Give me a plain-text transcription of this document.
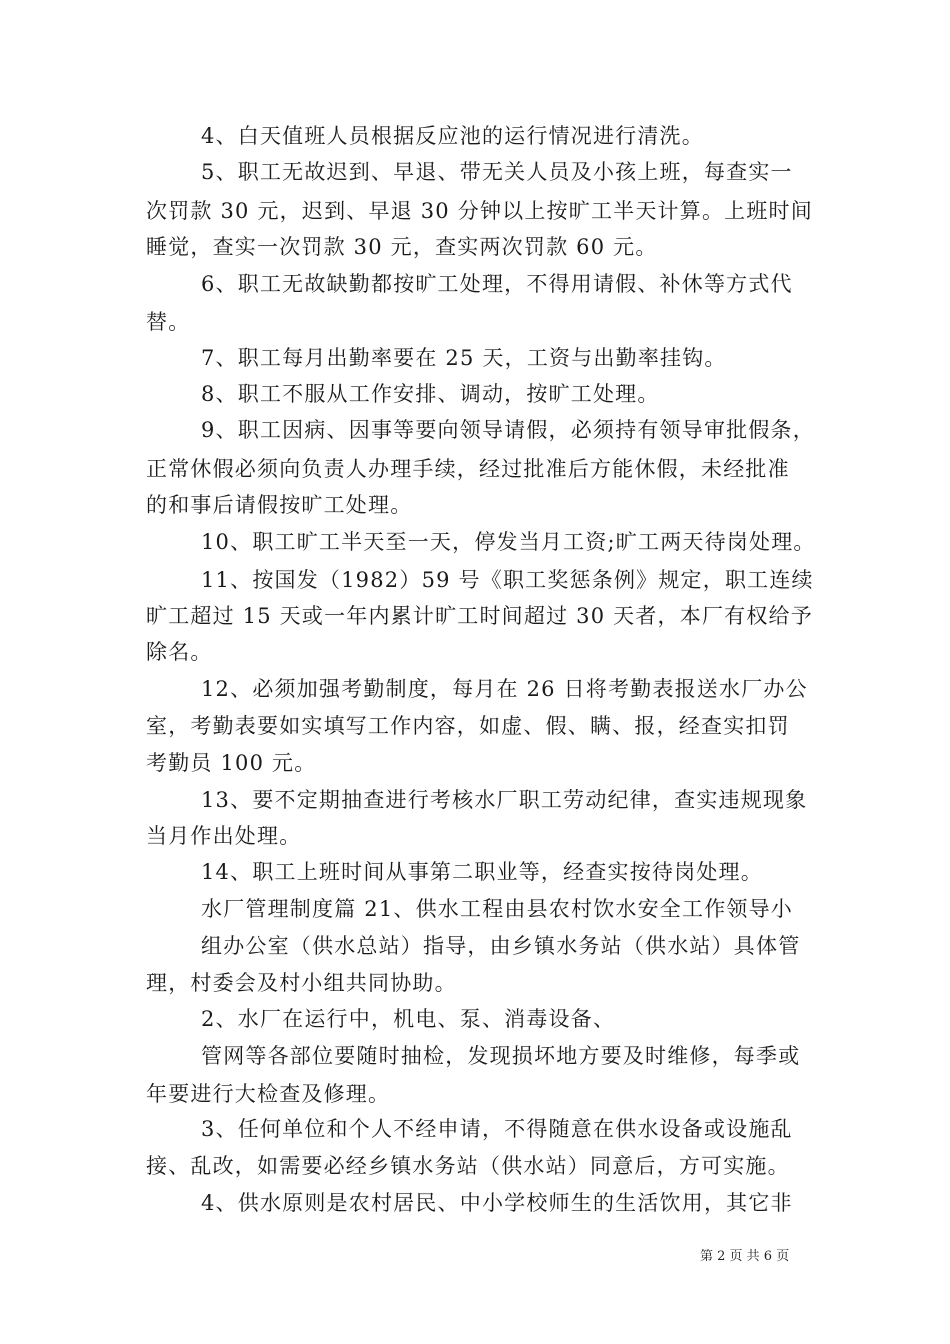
4、白天值班人员根据反应池的运行情况进行清洗。
5、职工无故迟到、早退、带无关人员及小孩上班，每查实一
次罚款 30 元，迟到、早退 30 分钟以上按旷工半天计算。上班时间
睡觉，查实一次罚款 30 元，查实两次罚款 60 元。
6、职工无故缺勤都按旷工处理，不得用请假、补休等方式代
替。
7、职工每月出勤率要在 25 天，工资与出勤率挂钩。
8、职工不服从工作安排、调动，按旷工处理。
9、职工因病、因事等要向领导请假，必须持有领导审批假条，
正常休假必须向负责人办理手续，经过批准后方能休假，未经批准
的和事后请假按旷工处理。
10、职工旷工半天至一天，停发当月工资;旷工两天待岗处理。
11、按国发（1982）59 号《职工奖惩条例》规定，职工连续
旷工超过 15 天或一年内累计旷工时间超过 30 天者，本厂有权给予
除名。
12、必须加强考勤制度，每月在 26 日将考勤表报送水厂办公
室，考勤表要如实填写工作内容，如虚、假、瞒、报，经查实扣罚
考勤员 100 元。
13、要不定期抽查进行考核水厂职工劳动纪律，查实违规现象
当月作出处理。
14、职工上班时间从事第二职业等，经查实按待岗处理。
水厂管理制度篇 21、供水工程由县农村饮水安全工作领导小
组办公室（供水总站）指导，由乡镇水务站（供水站）具体管
理，村委会及村小组共同协助。
2、水厂在运行中，机电、泵、消毒设备、
管网等各部位要随时抽检，发现损坏地方要及时维修，每季或
年要进行大检查及修理。
3、任何单位和个人不经申请，不得随意在供水设备或设施乱
接、乱改，如需要必经乡镇水务站（供水站）同意后，方可实施。
4、供水原则是农村居民、中小学校师生的生活饮用，其它非
第 2 页 共 6 页
